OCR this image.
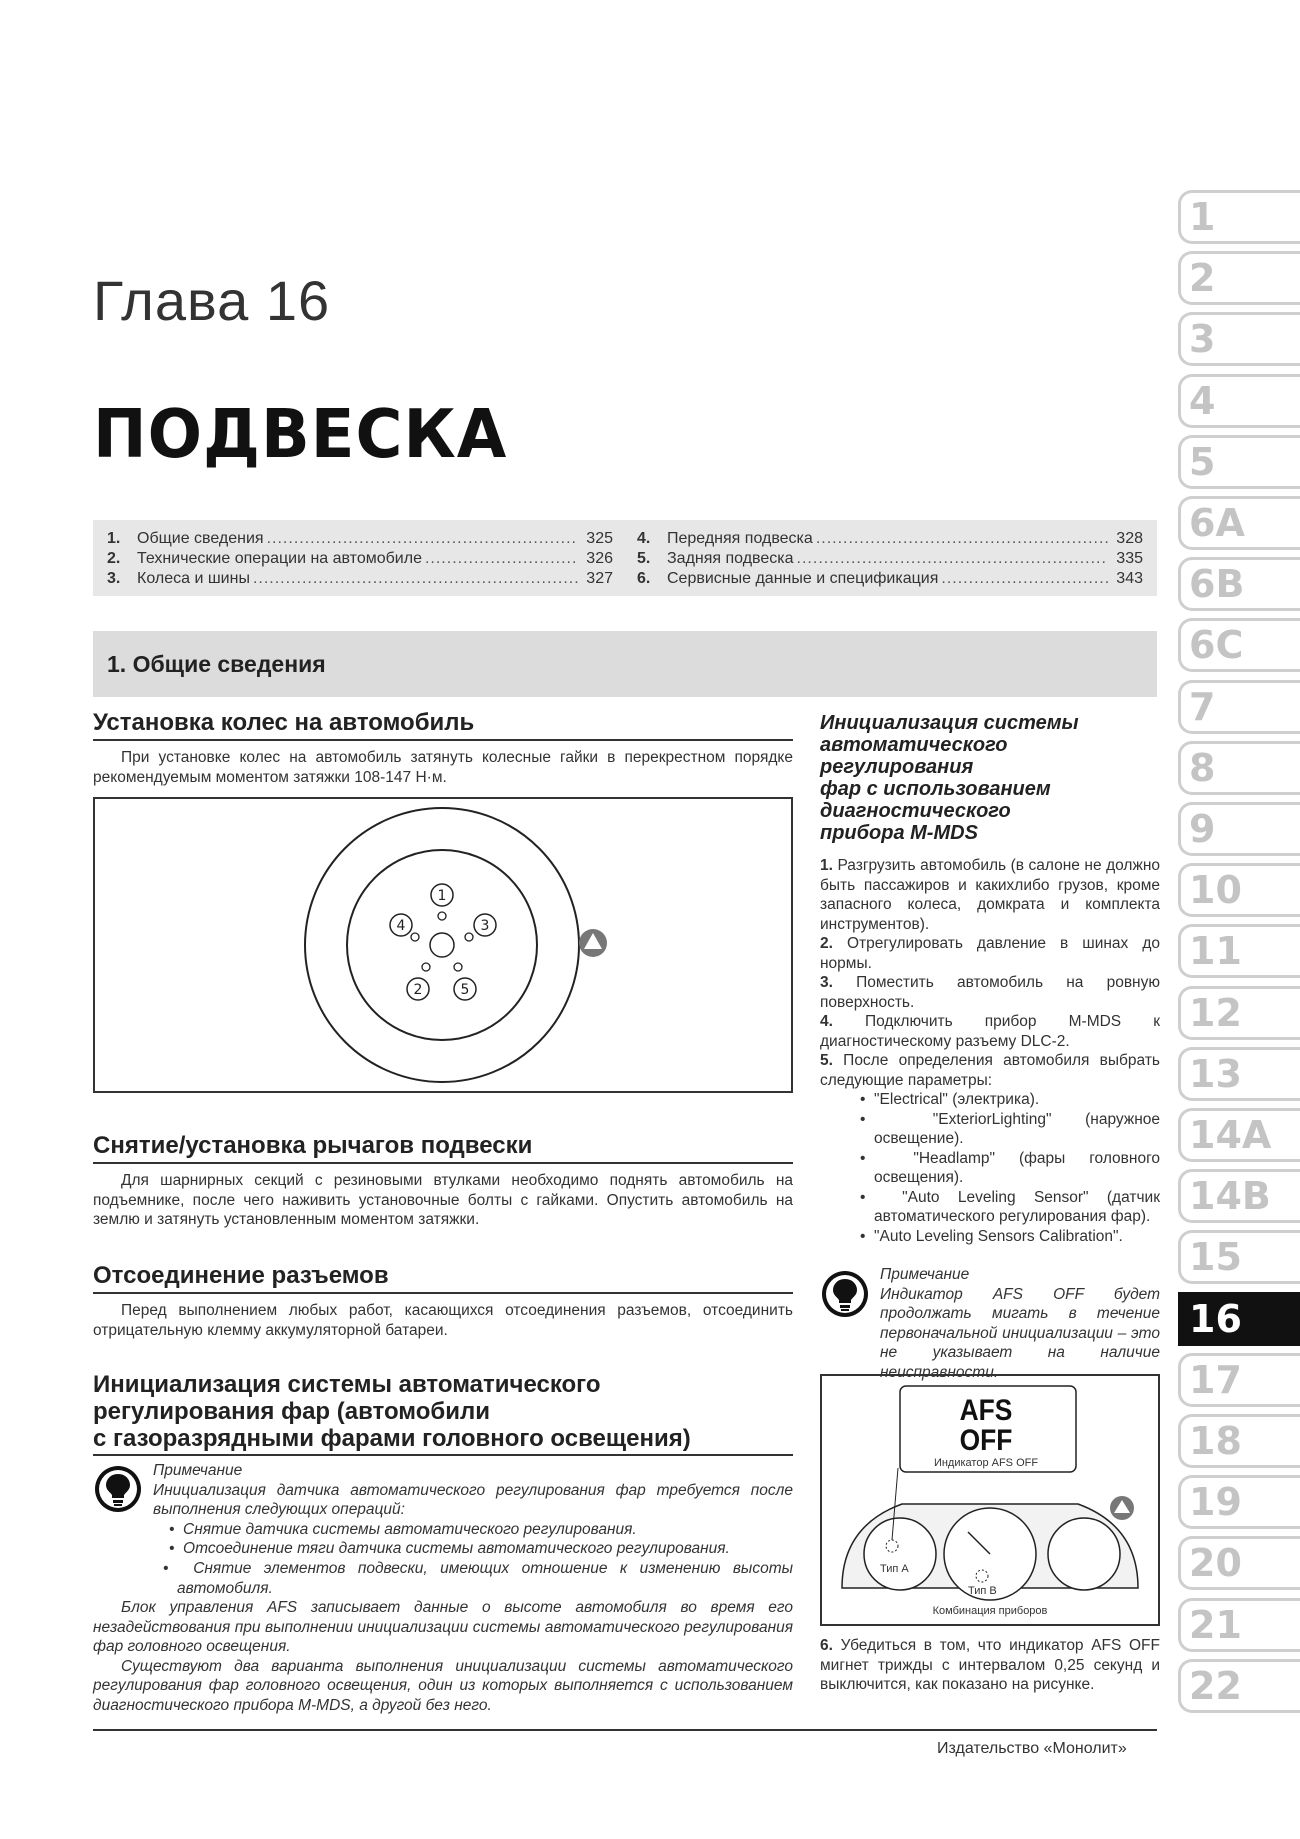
Глава 16
ПОДВЕСКА
1.	Общие сведения .....	325
2.	Технические операции на автомобиле .....	326
3.	Колеса и шины .....	327
4.	Передняя подвеска .....	328
5.	Задняя подвеска .....	335
6.	Сервисные данные и спецификация .....	343
1. Общие сведения
Установка колес на автомобиль

При установке колес на автомобиль затянуть колесные гайки в перекрестном порядке рекомендуемым моментом затяжки 108-147 Н·м.

1
2
3
4
5
Снятие/установка рычагов подвески

Для шарнирных секций с резиновыми втулками необходимо поднять автомобиль на подъемнике, после чего наживить установочные болты с гайками. Опустить автомобиль на землю и затянуть установленным моментом затяжки.

Отсоединение разъемов

Перед выполнением любых работ, касающихся отсоединения разъемов, отсоединить отрицательную клемму аккумуляторной батареи.

Инициализация системы автоматического
регулирования фар (автомобили
с газоразрядными фарами головного освещения)
Примечание
Инициализация датчика автоматического регулирования фар требуется после выполнения следующих операций:
•  Снятие датчика системы автоматического регулирования.
•  Отсоединение тяги датчика системы автоматического регулирования.
•  Снятие элементов подвески, имеющих отношение к изменению высоты автомобиля.
Блок управления AFS записывает данные о высоте автомобиля во время его незадействования при выполнении инициализации системы автоматического регулирования фар головного освещения.
Существуют два варианта выполнения инициализации системы автоматического регулирования фар головного освещения, один из которых выполняется с использованием диагностического прибора M-MDS, а другой без него.
Инициализация системы
автоматического
регулирования
фар с использованием
диагностического
прибора M-MDS
1. Разгрузить автомобиль (в салоне не должно быть пассажиров и какихлибо грузов, кроме запасного колеса, домкрата и комплекта инструментов).
2. Отрегулировать давление в шинах до нормы.
3. Поместить автомобиль на ровную поверхность.
4. Подключить прибор M-MDS к диагностическому разъему DLC-2.
5. После определения автомобиля выбрать следующие параметры:
•  "Electrical" (электрика).
•  "ExteriorLighting" (наружное освещение).
•  "Headlamp" (фары головного освещения).
•  "Auto Leveling Sensor" (датчик автоматического регулирования фар).
•  "Auto Leveling Sensors Calibration".
Примечание
Индикатор AFS OFF будет продолжать мигать в течение первоначальной инициализации – это не указывает на наличие неисправности.
AFS
OFF
Индикатор AFS OFF
Тип A
Тип B
Комбинация приборов
6. Убедиться в том, что индикатор AFS OFF мигнет трижды с интервалом 0,25 секунд и выключится, как показано на рисунке.
Издательство «Монолит»
1
2
3
4
5
6A
6B
6C
7
8
9
10
11
12
13
14A
14B
15
16
17
18
19
20
21
22
